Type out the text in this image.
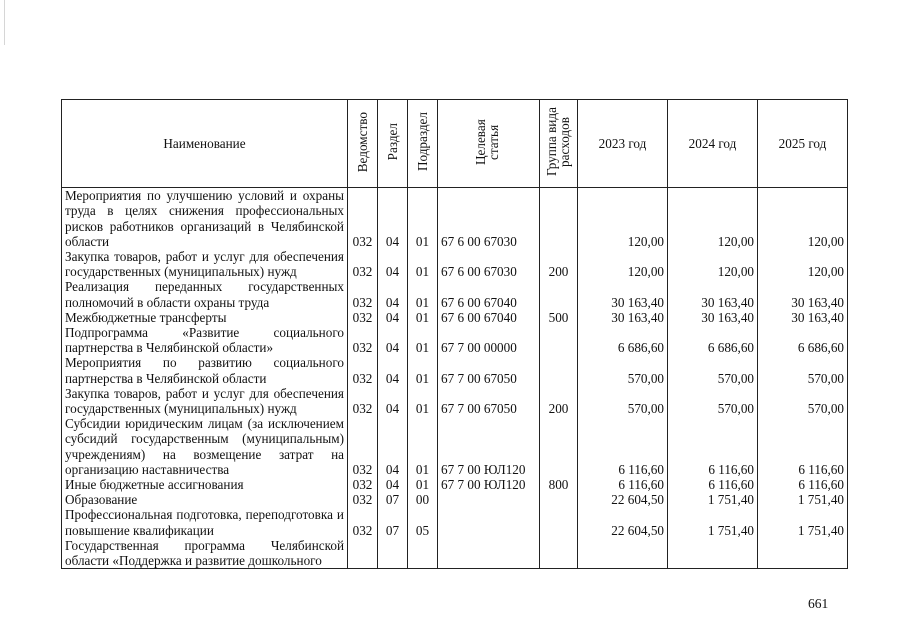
Наименование	Ведомство	Раздел	Подраздел	Целевая статья	Группа вида расходов	2023 год	2024 год	2025 год
Мероприятия по улучшению условий и охраны труда в целях снижения профессиональных рисков работников организаций в Челябинской области	032	04	01	67 6 00 67030		120,00	120,00	120,00
Закупка товаров, работ и услуг для обеспечения государственных (муниципальных) нужд	032	04	01	67 6 00 67030	200	120,00	120,00	120,00
Реализация переданных государственных полномочий в области охраны труда	032	04	01	67 6 00 67040		30 163,40	30 163,40	30 163,40
Межбюджетные трансферты	032	04	01	67 6 00 67040	500	30 163,40	30 163,40	30 163,40
Подпрограмма «Развитие социального партнерства в Челябинской области»	032	04	01	67 7 00 00000		6 686,60	6 686,60	6 686,60
Мероприятия по развитию социального партнерства в Челябинской области	032	04	01	67 7 00 67050		570,00	570,00	570,00
Закупка товаров, работ и услуг для обеспечения государственных (муниципальных) нужд	032	04	01	67 7 00 67050	200	570,00	570,00	570,00
Субсидии юридическим лицам (за исключением субсидий государственным (муниципальным) учреждениям) на возмещение затрат на организацию наставничества	032	04	01	67 7 00 ЮЛ120		6 116,60	6 116,60	6 116,60
Иные бюджетные ассигнования	032	04	01	67 7 00 ЮЛ120	800	6 116,60	6 116,60	6 116,60
Образование	032	07	00			22 604,50	1 751,40	1 751,40
Профессиональная подготовка, переподготовка и повышение квалификации	032	07	05			22 604,50	1 751,40	1 751,40
Государственная программа Челябинской области «Поддержка и развитие дошкольного								
661
